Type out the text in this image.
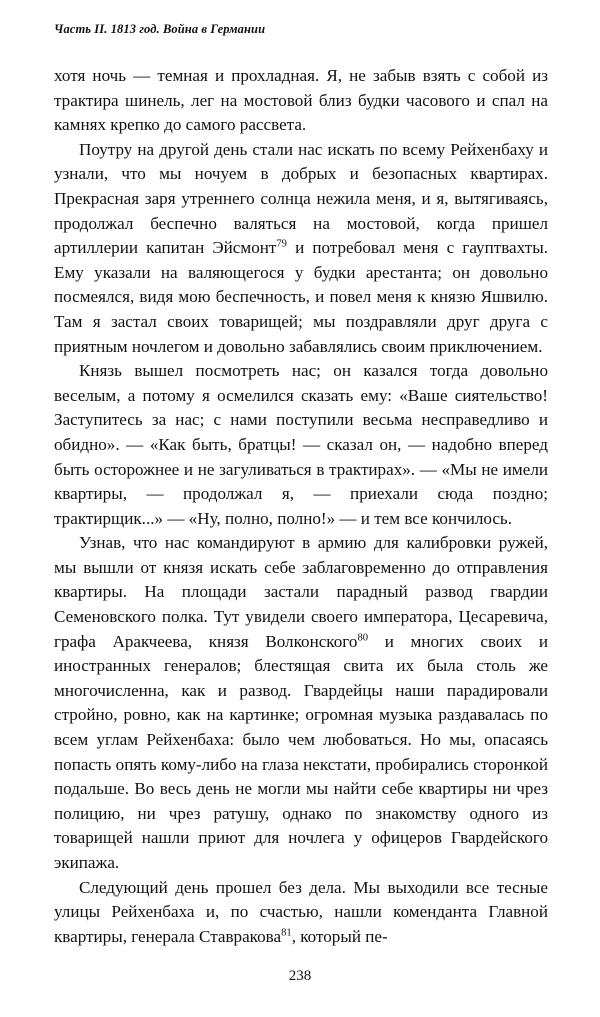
Часть II. 1813 год. Война в Германии

хотя ночь — темная и прохладная. Я, не забыв взять с собой из трактира шинель, лег на мостовой близ будки часового и спал на камнях крепко до самого рассвета.

Поутру на другой день стали нас искать по всему Рейхенбаху и узнали, что мы ночуем в добрых и безопасных квартирах. Прекрасная заря утреннего солнца нежила меня, и я, вытягиваясь, продолжал беспечно валяться на мостовой, когда пришел артиллерии капитан Эйсмонт$^{79}$ и потребовал меня с гауптвахты. Ему указали на валяющегося у будки арестанта; он довольно посмеялся, видя мою беспечность, и повел меня к князю Яшвилю. Там я застал своих товарищей; мы поздравляли друг друга с приятным ночлегом и довольно забавлялись своим приключением.

Князь вышел посмотреть нас; он казался тогда довольно веселым, а потому я осмелился сказать ему: «Ваше сиятельство! Заступитесь за нас; с нами поступили весьма несправедливо и обидно». — «Как быть, братцы! — сказал он, — надобно вперед быть осторожнее и не загуливаться в трактирах». — «Мы не имели квартиры, — продолжал я, — приехали сюда поздно; трактирщик...» — «Ну, полно, полно!» — и тем все кончилось.

Узнав, что нас командируют в армию для калибровки ружей, мы вышли от князя искать себе заблаговременно до отправления квартиры. На площади застали парадный развод гвардии Семеновского полка. Тут увидели своего императора, Цесаревича, графа Аракчеева, князя Волконского$^{80}$ и многих своих и иностранных генералов; блестящая свита их была столь же многочисленна, как и развод. Гвардейцы наши парадировали стройно, ровно, как на картинке; огромная музыка раздавалась по всем углам Рейхенбаха: было чем любоваться. Но мы, опасаясь попасть опять кому-либо на глаза некстати, пробирались сторонкой подальше. Во весь день не могли мы найти себе квартиры ни чрез полицию, ни чрез ратушу, однако по знакомству одного из товарищей нашли приют для ночлега у офицеров Гвардейского экипажа.

Следующий день прошел без дела. Мы выходили все тесные улицы Рейхенбаха и, по счастью, нашли коменданта Главной квартиры, генерала Ставракова$^{81}$, который пе-

238
